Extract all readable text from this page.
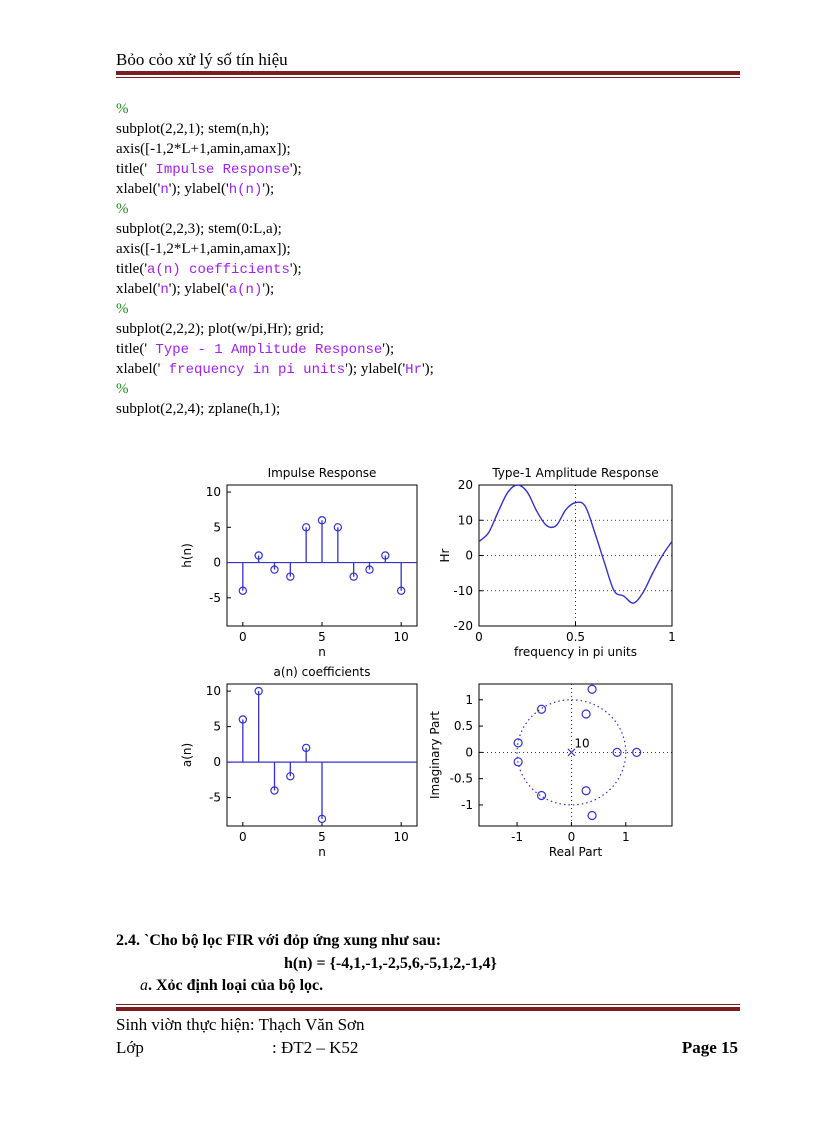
Bỏo cỏo xử lý số tín hiệu
%
subplot(2,2,1); stem(n,h);
axis([-1,2*L+1,amin,amax]);
title(' Impulse Response');
xlabel('n'); ylabel('h(n)');
%
subplot(2,2,3); stem(0:L,a);
axis([-1,2*L+1,amin,amax]);
title('a(n) coefficients');
xlabel('n'); ylabel('a(n)');
%
subplot(2,2,2); plot(w/pi,Hr); grid;
title(' Type - 1 Amplitude Response');
xlabel(' frequency in pi units'); ylabel('Hr');
%
subplot(2,2,4); zplane(h,1);
0	5	10
-5
0
5
10
Impulse Response
n
h(n)
0	0.5	1
-20
-10
0
10
20
Type-1 Amplitude Response
frequency in pi units
Hr
0	5	10
-5
0
5
10
a(n) coefficients
n
a(n)
-1	0	1
-1
-0.5
0
0.5
1
Real Part
Imaginary Part	10
2.4. `Cho bộ lọc FIR với đỏp ứng xung như sau:
h(n) = {-4,1,-1,-2,5,6,-5,1,2,-1,4}
a. Xỏc định loại của bộ lọc.
Sinh viờn thực hiện: Thạch Văn Sơn
Lớp	: ĐT2 – K52	Page 15
